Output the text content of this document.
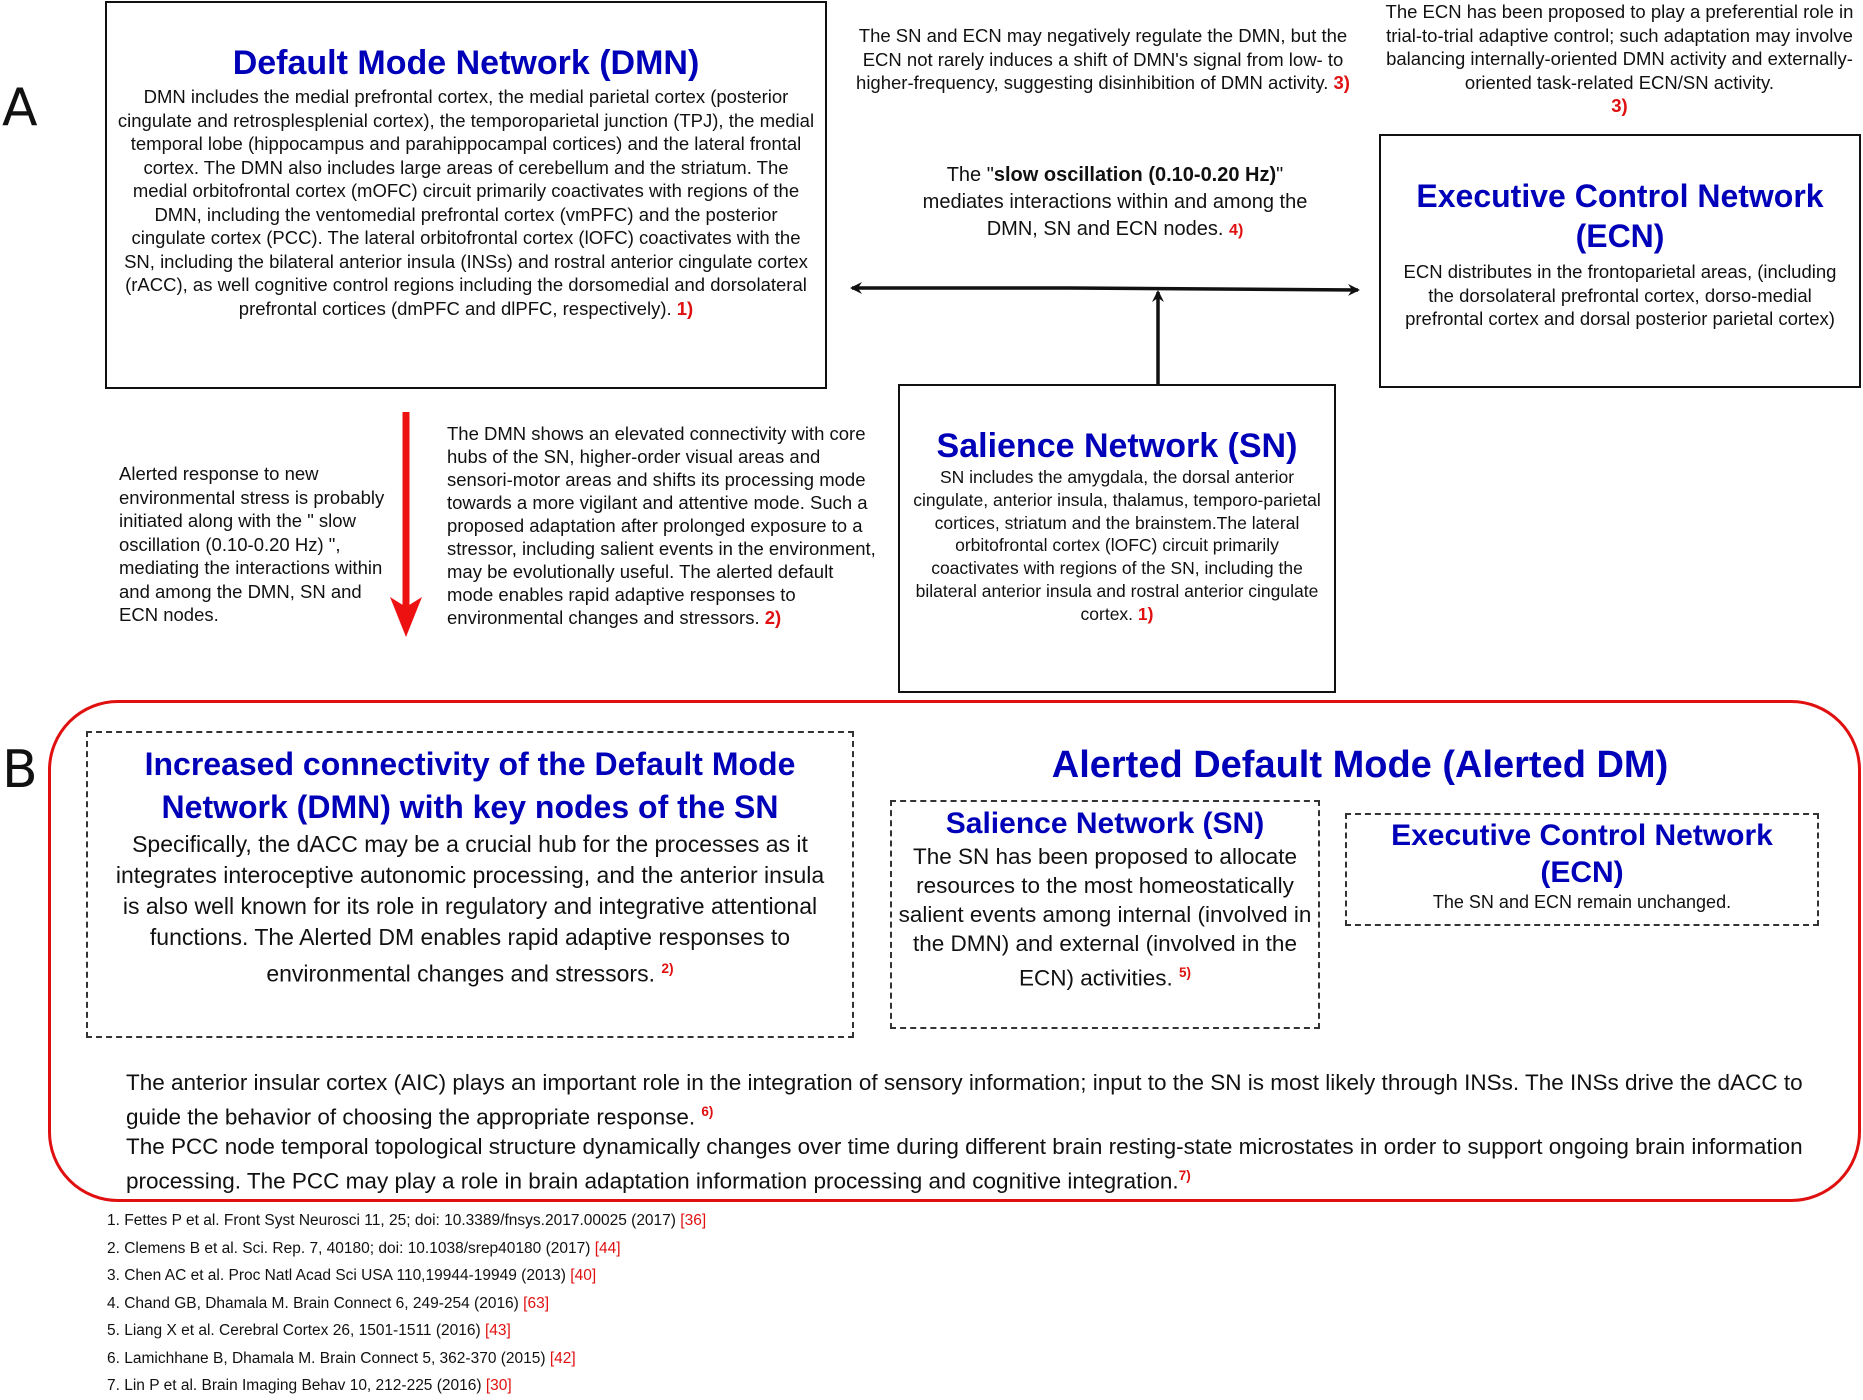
A
B
Default Mode Network (DMN)
DMN includes the medial prefrontal cortex, the medial parietal cortex (posterior cingulate and retrosplesplenial cortex), the temporoparietal junction (TPJ), the medial temporal lobe (hippocampus and parahippocampal cortices) and the lateral frontal cortex. The DMN also includes large areas of cerebellum and the striatum. The medial orbitofrontal cortex (mOFC) circuit primarily coactivates with regions of the DMN, including the ventomedial prefrontal cortex (vmPFC) and the posterior cingulate cortex (PCC). The lateral orbitofrontal cortex (lOFC) coactivates with the SN, including the bilateral anterior insula (INSs) and rostral anterior cingulate cortex (rACC), as well cognitive control regions including the dorsomedial and dorsolateral prefrontal cortices (dmPFC and dlPFC, respectively). 1)
The SN and ECN may negatively regulate the DMN, but the ECN not rarely induces a shift of DMN's signal from low- to higher-frequency, suggesting disinhibition of DMN activity. 3)
The ECN has been proposed to play a preferential role in trial-to-trial adaptive control; such adaptation may involve balancing internally-oriented DMN activity and externally-oriented task-related ECN/SN activity.
3)
The "slow oscillation (0.10-0.20 Hz)" mediates interactions within and among the DMN, SN and ECN nodes. 4)
Executive Control Network (ECN)
ECN distributes in the frontoparietal areas, (including the dorsolateral prefrontal cortex, dorso-medial prefrontal cortex and dorsal posterior parietal cortex)
Alerted response to new environmental stress is probably initiated along with the " slow oscillation (0.10-0.20 Hz) ", mediating the interactions within and among the DMN, SN and ECN nodes.
The DMN shows an elevated connectivity with core hubs of the SN, higher-order visual areas and sensori-motor areas and shifts its processing mode towards a more vigilant and attentive mode. Such a proposed adaptation after prolonged exposure to a stressor, including salient events in the environment, may be evolutionally useful. The alerted default mode enables rapid adaptive responses to environmental changes and stressors. 2)
Salience Network (SN)
SN includes the amygdala, the dorsal anterior cingulate, anterior insula, thalamus, temporo-parietal cortices, striatum and the brainstem.The lateral orbitofrontal cortex (lOFC) circuit primarily coactivates with regions of the SN, including the bilateral anterior insula and rostral anterior cingulate cortex. 1)
Increased connectivity of the Default Mode Network (DMN) with key nodes of the SN
Specifically, the dACC may be a crucial hub for the processes as it integrates interoceptive autonomic processing, and the anterior insula is also well known for its role in regulatory and integrative attentional functions. The Alerted DM enables rapid adaptive responses to environmental changes and stressors. $^{2)}$
Alerted Default Mode (Alerted DM)
Salience Network (SN)
The SN has been proposed to allocate resources to the most homeostatically salient events among internal (involved in the DMN) and external (involved in the ECN) activities. $^{5)}$
Executive Control Network (ECN)
The SN and ECN remain unchanged.
The anterior insular cortex (AIC) plays an important role in the integration of sensory information; input to the SN is most likely through INSs. The INSs drive the dACC to guide the behavior of choosing the appropriate response. $^{6)}$
The PCC node temporal topological structure dynamically changes over time during different brain resting-state microstates in order to support ongoing brain information processing. The PCC may play a role in brain adaptation information processing and cognitive integration.$^{7)}$
1. Fettes P et al. Front Syst Neurosci 11, 25; doi: 10.3389/fnsys.2017.00025 (2017) [36]
2. Clemens B et al. Sci. Rep. 7, 40180; doi: 10.1038/srep40180 (2017) [44]
3. Chen AC et al. Proc Natl Acad Sci USA 110,19944-19949 (2013) [40]
4. Chand GB, Dhamala M. Brain Connect 6, 249-254 (2016) [63]
5. Liang X et al. Cerebral Cortex 26, 1501-1511 (2016) [43]
6. Lamichhane B, Dhamala M. Brain Connect 5, 362-370 (2015) [42]
7. Lin P et al. Brain Imaging Behav 10, 212-225 (2016) [30]
